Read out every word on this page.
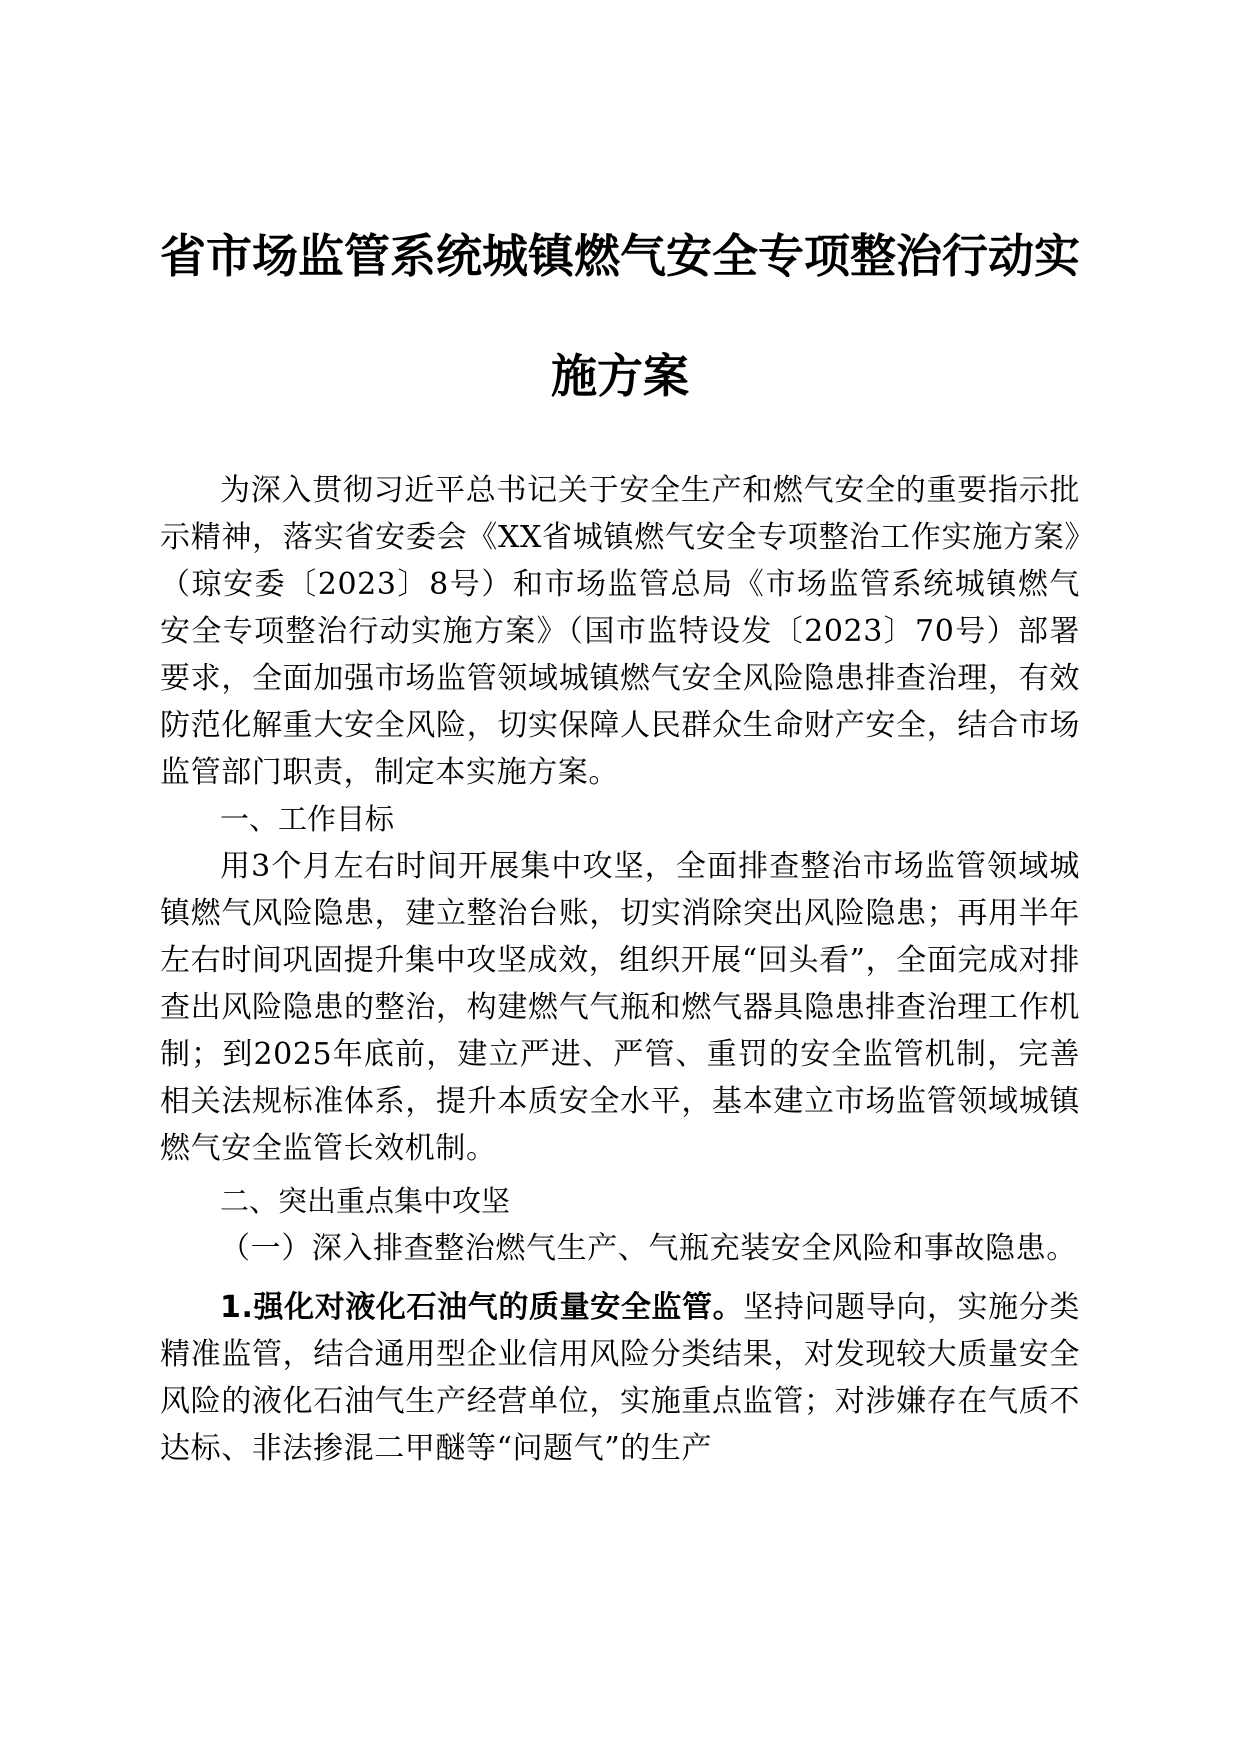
省市场监管系统城镇燃气安全专项整治行动实
施方案

为深入贯彻习近平总书记关于安全生产和燃气安全的重要指示批示精神，落实省安委会《XX省城镇燃气安全专项整治工作实施方案》（琼安委〔2023〕8号）和市场监管总局《市场监管系统城镇燃气安全专项整治行动实施方案》（国市监特设发〔2023〕70号）部署要求，全面加强市场监管领域城镇燃气安全风险隐患排查治理，有效防范化解重大安全风险，切实保障人民群众生命财产安全，结合市场监管部门职责，制定本实施方案。

一、工作目标

用3个月左右时间开展集中攻坚，全面排查整治市场监管领域城镇燃气风险隐患，建立整治台账，切实消除突出风险隐患；再用半年左右时间巩固提升集中攻坚成效，组织开展“回头看”，全面完成对排查出风险隐患的整治，构建燃气气瓶和燃气器具隐患排查治理工作机制；到2025年底前，建立严进、严管、重罚的安全监管机制，完善相关法规标准体系，提升本质安全水平，基本建立市场监管领域城镇燃气安全监管长效机制。

二、突出重点集中攻坚

（一）深入排查整治燃气生产、气瓶充装安全风险和事故隐患。

1.强化对液化石油气的质量安全监管。坚持问题导向，实施分类精准监管，结合通用型企业信用风险分类结果，对发现较大质量安全风险的液化石油气生产经营单位，实施重点监管；对涉嫌存在气质不达标、非法掺混二甲醚等“问题气”的生产
